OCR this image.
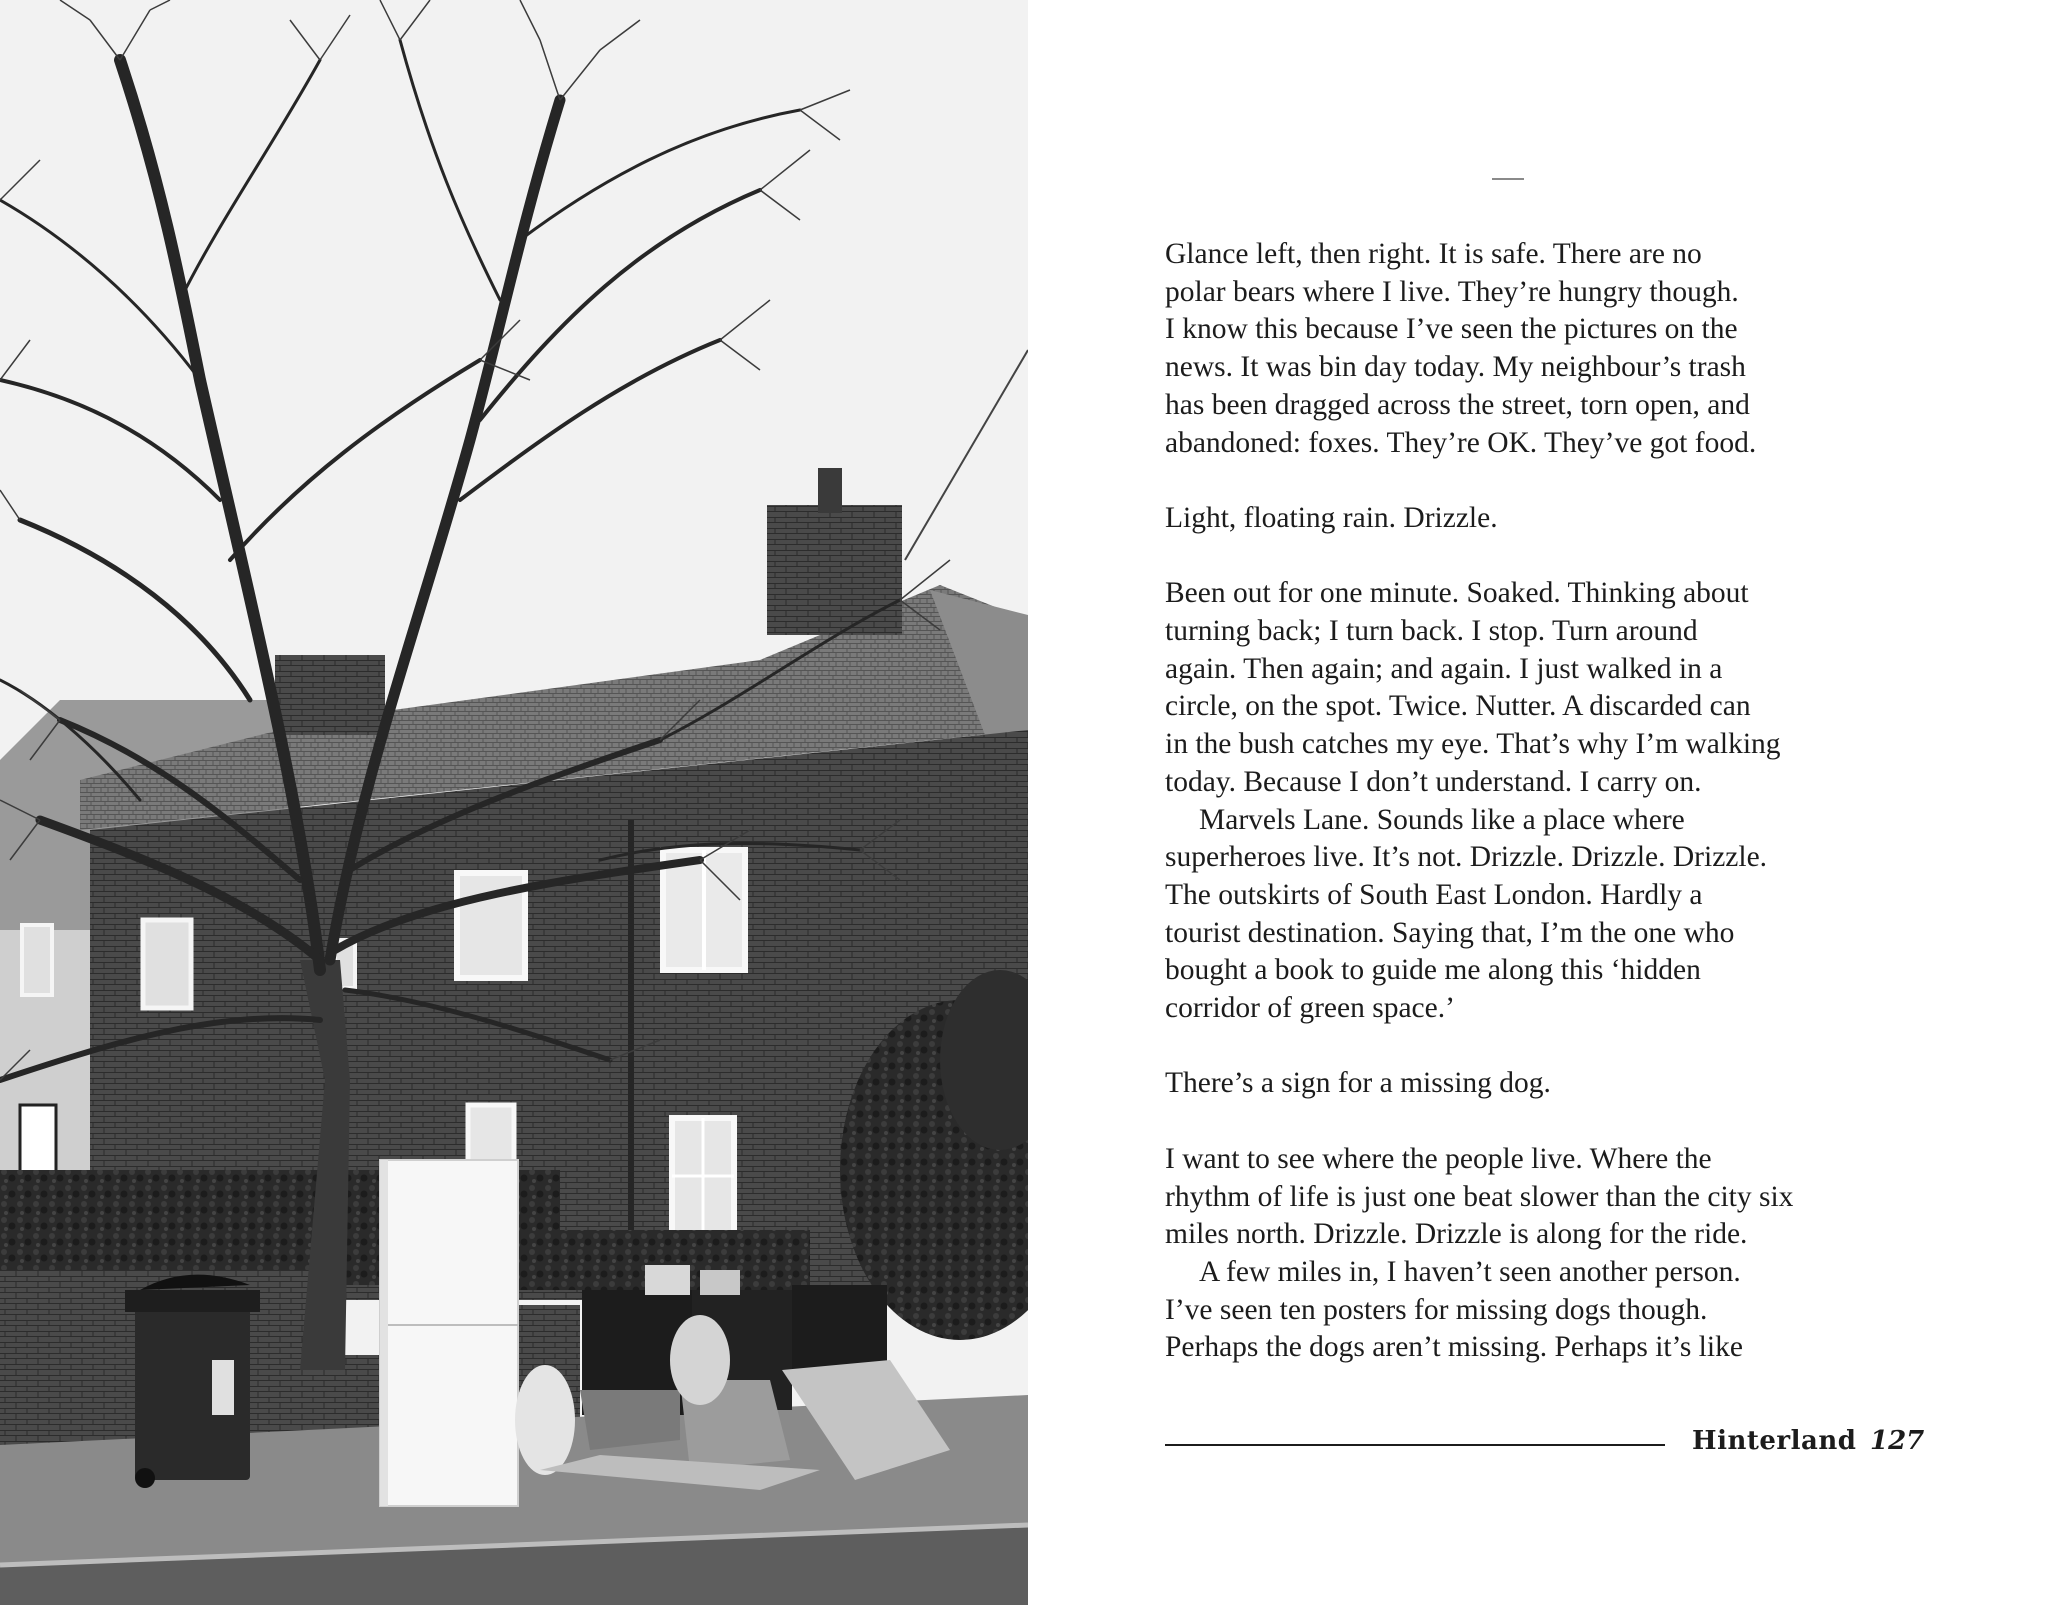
Glance left, then right. It is safe. There are no
polar bears where I live. They’re hungry though.
I know this because I’ve seen the pictures on the
news. It was bin day today. My neighbour’s trash
has been dragged across the street, torn open, and
abandoned: foxes. They’re OK. They’ve got food.

Light, floating rain. Drizzle.

Been out for one minute. Soaked. Thinking about
turning back; I turn back. I stop. Turn around
again. Then again; and again. I just walked in a
circle, on the spot. Twice. Nutter. A discarded can
in the bush catches my eye. That’s why I’m walking
today. Because I don’t understand. I carry on.

Marvels Lane. Sounds like a place where
superheroes live. It’s not. Drizzle. Drizzle. Drizzle.
The outskirts of South East London. Hardly a
tourist destination. Saying that, I’m the one who
bought a book to guide me along this ‘hidden
corridor of green space.’

There’s a sign for a missing dog.

I want to see where the people live. Where the
rhythm of life is just one beat slower than the city six
miles north. Drizzle. Drizzle is along for the ride.

A few miles in, I haven’t seen another person.
I’ve seen ten posters for missing dogs though.
Perhaps the dogs aren’t missing. Perhaps it’s like

Hinterland 127
